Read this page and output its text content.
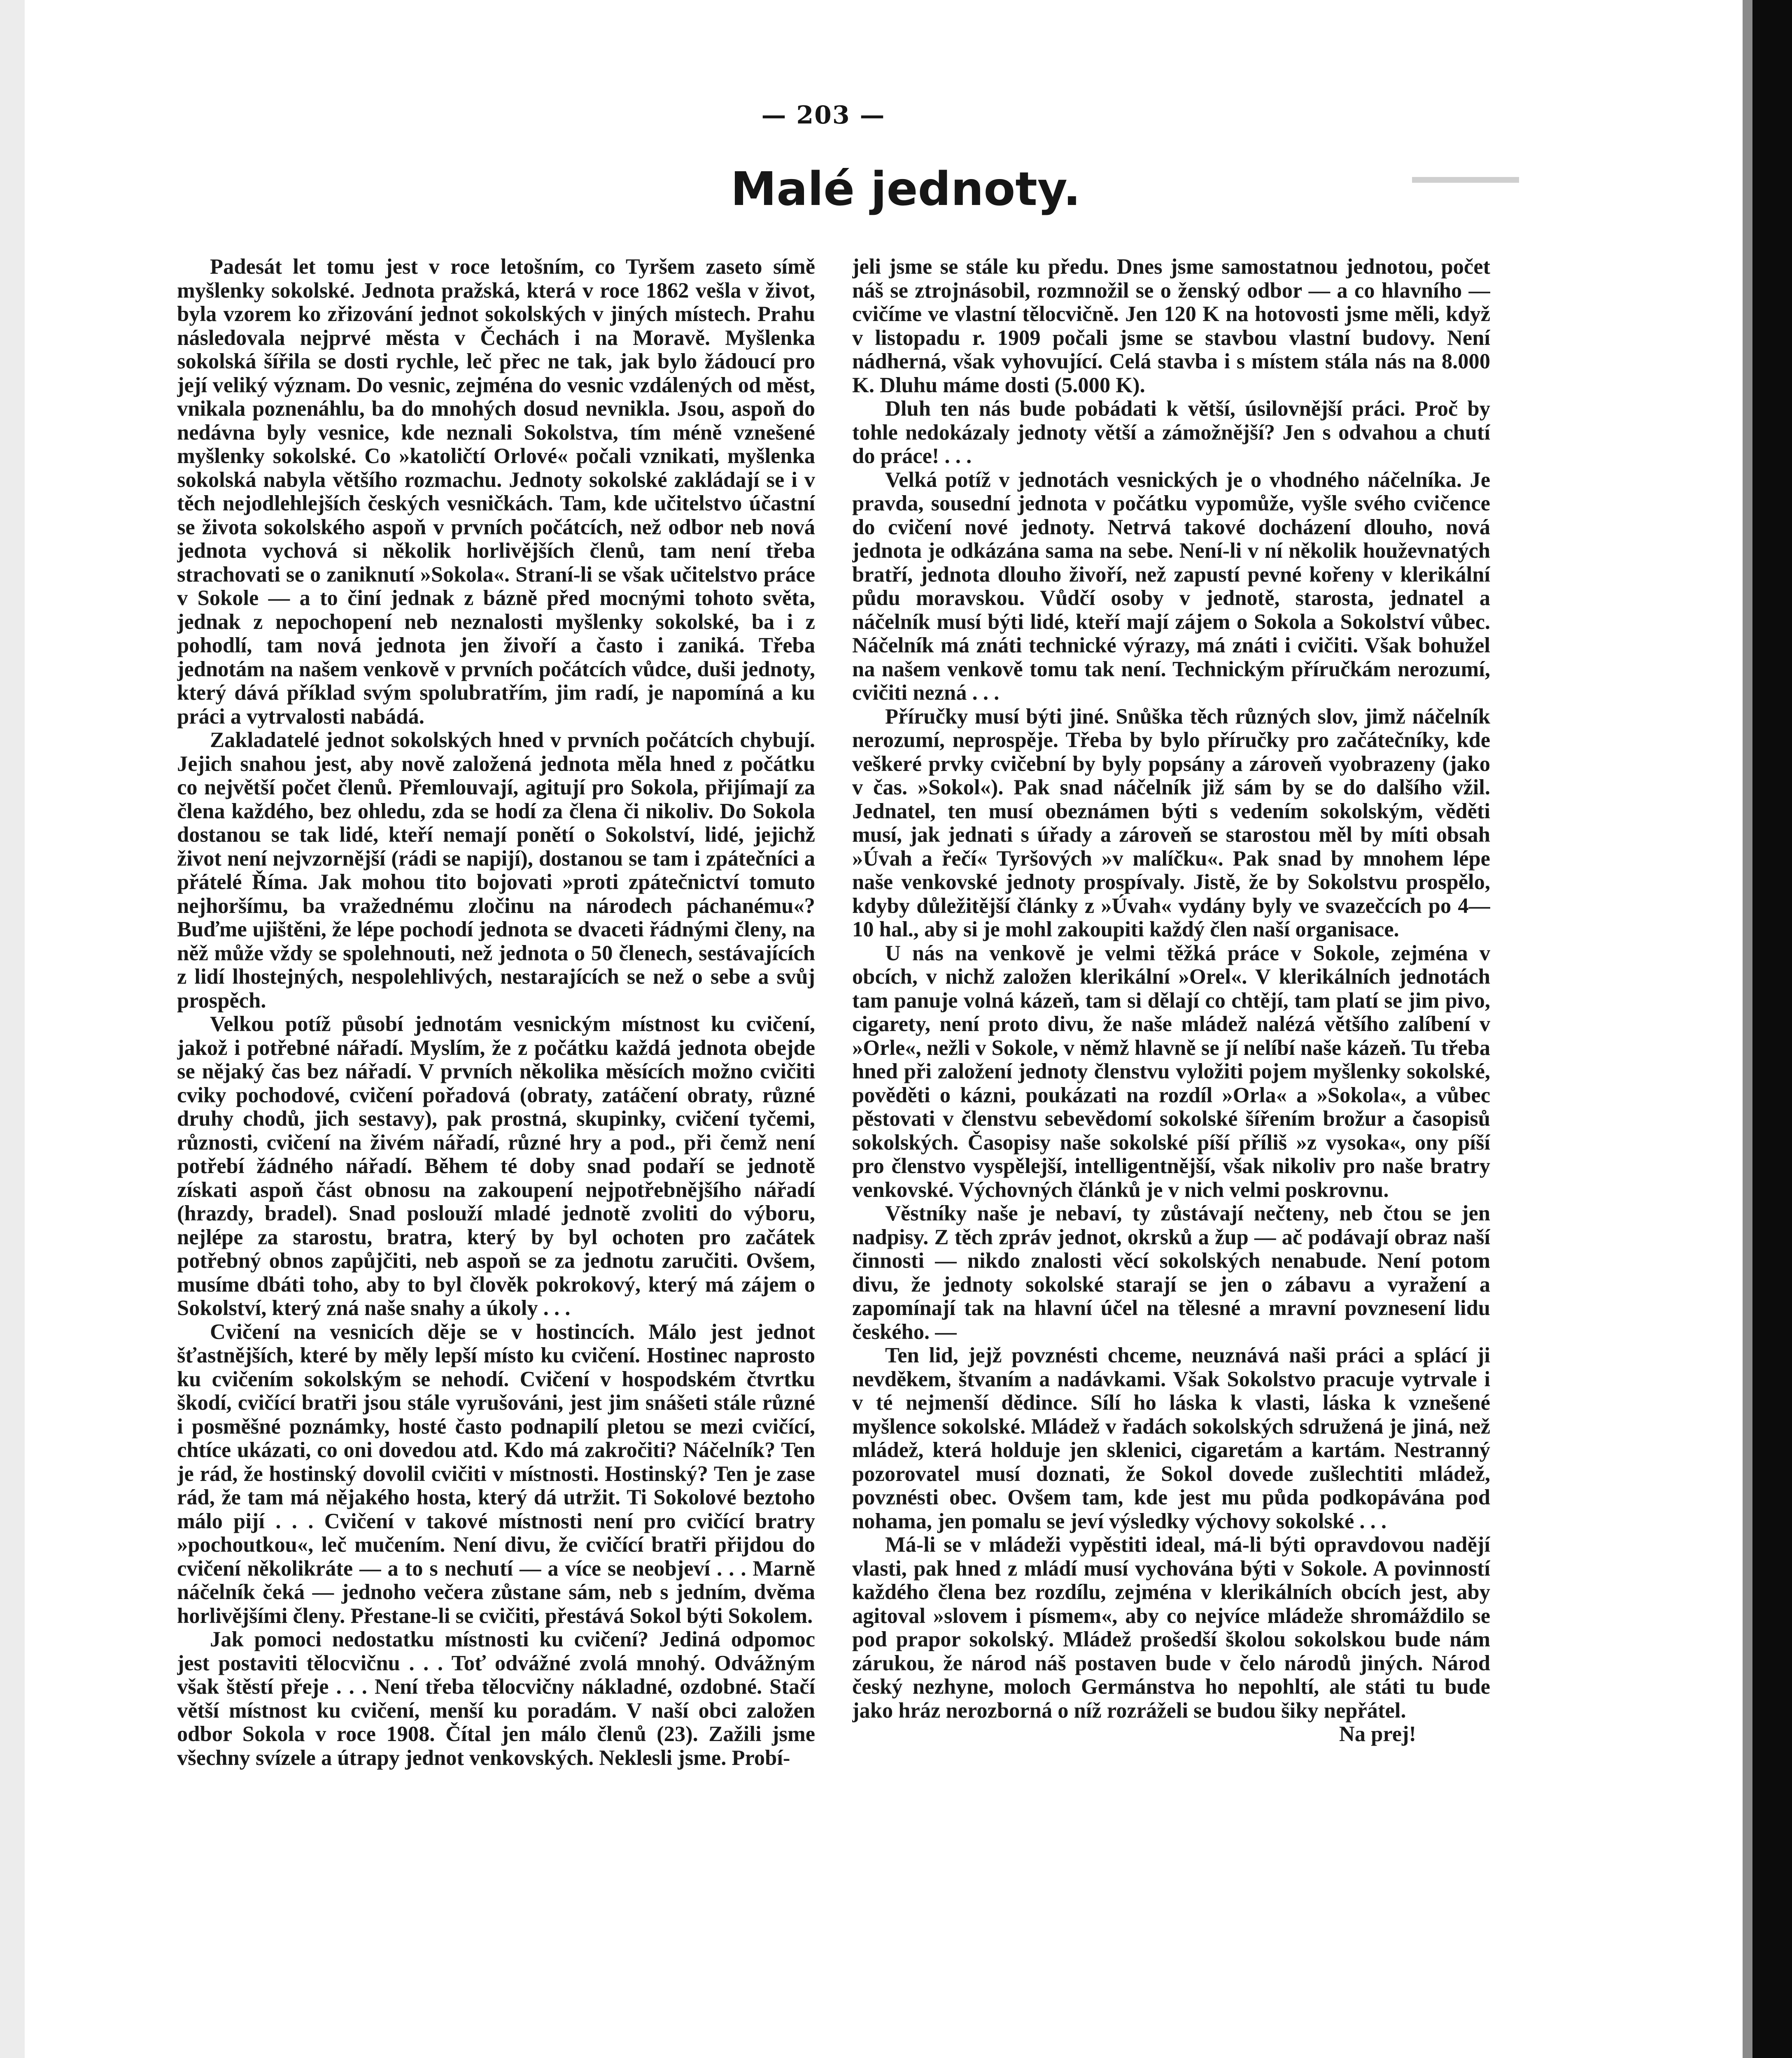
— 203 —
Malé jednoty.

Padesát let tomu jest v roce letošním, co Tyršem zaseto símě myšlenky sokolské. Jednota pražská, která v roce 1862 vešla v život, byla vzorem ko zřizování jednot sokolských v jiných místech. Prahu následovala nejprvé města v Čechách i na Moravě. Myšlenka sokolská šířila se dosti rychle, leč přec ne tak, jak bylo žádoucí pro její veliký význam. Do vesnic, zejména do vesnic vzdálených od měst, vnikala poznenáhlu, ba do mnohých dosud nevnikla. Jsou, aspoň do nedávna byly vesnice, kde neznali Sokolstva, tím méně vznešené myšlenky sokolské. Co »katoličtí Orlové« počali vznikati, myšlenka sokolská nabyla většího rozmachu. Jednoty sokolské zakládají se i v těch nejodlehlejších českých vesničkách. Tam, kde učitelstvo účastní se života sokolského aspoň v prvních počátcích, než odbor neb nová jednota vychová si několik horlivějších členů, tam není třeba strachovati se o zaniknutí »Sokola«. Straní-li se však učitelstvo práce v Sokole — a to činí jednak z bázně před mocnými tohoto světa, jednak z nepochopení neb neznalosti myšlenky sokolské, ba i z pohodlí, tam nová jednota jen živoří a často i zaniká. Třeba jednotám na našem venkově v prvních počátcích vůdce, duši jednoty, který dává příklad svým spolubratřím, jim radí, je napomíná a ku práci a vytrvalosti nabádá.

Zakladatelé jednot sokolských hned v prvních počátcích chybují. Jejich snahou jest, aby nově založená jednota měla hned z počátku co největší počet členů. Přemlouvají, agitují pro Sokola, přijímají za člena každého, bez ohledu, zda se hodí za člena či nikoliv. Do Sokola dostanou se tak lidé, kteří nemají ponětí o Sokolství, lidé, jejichž život není nejvzornější (rádi se napijí), dostanou se tam i zpátečníci a přátelé Říma. Jak mohou tito bojovati »proti zpátečnictví tomuto nejhoršímu, ba vražednému zločinu na národech páchanému«? Buďme ujištěni, že lépe pochodí jednota se dvaceti řádnými členy, na něž může vždy se spolehnouti, než jednota o 50 členech, sestávajících z lidí lhostejných, nespolehlivých, nestarajících se než o sebe a svůj prospěch.

Velkou potíž působí jednotám vesnickým místnost ku cvičení, jakož i potřebné nářadí. Myslím, že z počátku každá jednota obejde se nějaký čas bez nářadí. V prvních několika měsících možno cvičiti cviky pochodové, cvičení pořadová (obraty, zatáčení obraty, různé druhy chodů, jich sestavy), pak prostná, skupinky, cvičení tyčemi, různosti, cvičení na živém nářadí, různé hry a pod., při čemž není potřebí žádného nářadí. Během té doby snad podaří se jednotě získati aspoň část obnosu na zakoupení nejpotřebnějšího nářadí (hrazdy, bradel). Snad poslouží mladé jednotě zvoliti do výboru, nejlépe za starostu, bratra, který by byl ochoten pro začátek potřebný obnos zapůjčiti, neb aspoň se za jednotu zaručiti. Ovšem, musíme dbáti toho, aby to byl člověk pokrokový, který má zájem o Sokolství, který zná naše snahy a úkoly . . .

Cvičení na vesnicích děje se v hostincích. Málo jest jednot šťastnějších, které by měly lepší místo ku cvičení. Hostinec naprosto ku cvičením sokolským se nehodí. Cvičení v hospodském čtvrtku škodí, cvičící bratři jsou stále vyrušováni, jest jim snášeti stále různé i posměšné poznámky, hosté často podnapilí pletou se mezi cvičící, chtíce ukázati, co oni dovedou atd. Kdo má zakročiti? Náčelník? Ten je rád, že hostinský dovolil cvičiti v místnosti. Hostinský? Ten je zase rád, že tam má nějakého hosta, který dá utržit. Ti Sokolové beztoho málo pijí . . . Cvičení v takové místnosti není pro cvičící bratry »pochoutkou«, leč mučením. Není divu, že cvičící bratři přijdou do cvičení několikráte — a to s nechutí — a více se neobjeví . . . Marně náčelník čeká — jednoho večera zůstane sám, neb s jedním, dvěma horlivějšími členy. Přestane-li se cvičiti, přestává Sokol býti Sokolem.

Jak pomoci nedostatku místnosti ku cvičení? Jediná odpomoc jest postaviti tělocvičnu . . . Toť odvážné zvolá mnohý. Odvážným však štěstí přeje . . . Není třeba tělocvičny nákladné, ozdobné. Stačí větší místnost ku cvičení, menší ku poradám. V naší obci založen odbor Sokola v roce 1908. Čítal jen málo členů (23). Zažili jsme všechny svízele a útrapy jednot venkovských. Neklesli jsme. Probí-

jeli jsme se stále ku předu. Dnes jsme samostatnou jednotou, počet náš se ztrojnásobil, rozmnožil se o ženský odbor — a co hlavního — cvičíme ve vlastní tělocvičně. Jen 120 K na hotovosti jsme měli, když v listopadu r. 1909 počali jsme se stavbou vlastní budovy. Není nádherná, však vyhovující. Celá stavba i s místem stála nás na 8.000 K. Dluhu máme dosti (5.000 K).

Dluh ten nás bude pobádati k větší, úsilovnější práci. Proč by tohle nedokázaly jednoty větší a zámožnější? Jen s odvahou a chutí do práce! . . .

Velká potíž v jednotách vesnických je o vhodného náčelníka. Je pravda, sousední jednota v počátku vypomůže, vyšle svého cvičence do cvičení nové jednoty. Netrvá takové docházení dlouho, nová jednota je odkázána sama na sebe. Není-li v ní několik houževnatých bratří, jednota dlouho živoří, než zapustí pevné kořeny v klerikální půdu moravskou. Vůdčí osoby v jednotě, starosta, jednatel a náčelník musí býti lidé, kteří mají zájem o Sokola a Sokolství vůbec. Náčelník má znáti technické výrazy, má znáti i cvičiti. Však bohužel na našem venkově tomu tak není. Technickým příručkám nerozumí, cvičiti nezná . . .

Příručky musí býti jiné. Snůška těch různých slov, jimž náčelník nerozumí, neprospěje. Třeba by bylo příručky pro začátečníky, kde veškeré prvky cvičební by byly popsány a zároveň vyobrazeny (jako v čas. »Sokol«). Pak snad náčelník již sám by se do dalšího vžil. Jednatel, ten musí obeznámen býti s vedením sokolským, věděti musí, jak jednati s úřady a zároveň se starostou měl by míti obsah »Úvah a řečí« Tyršových »v malíčku«. Pak snad by mnohem lépe naše venkovské jednoty prospívaly. Jistě, že by Sokolstvu prospělo, kdyby důležitější články z »Úvah« vydány byly ve svazečcích po 4—10 hal., aby si je mohl zakoupiti každý člen naší organisace.

U nás na venkově je velmi těžká práce v Sokole, zejména v obcích, v nichž založen klerikální »Orel«. V klerikálních jednotách tam panuje volná kázeň, tam si dělají co chtějí, tam platí se jim pivo, cigarety, není proto divu, že naše mládež nalézá většího zalíbení v »Orle«, nežli v Sokole, v němž hlavně se jí nelíbí naše kázeň. Tu třeba hned při založení jednoty členstvu vyložiti pojem myšlenky sokolské, pověděti o kázni, poukázati na rozdíl »Orla« a »Sokola«, a vůbec pěstovati v členstvu sebevědomí sokolské šířením brožur a časopisů sokolských. Časopisy naše sokolské píší příliš »z vysoka«, ony píší pro členstvo vyspělejší, intelligentnější, však nikoliv pro naše bratry venkovské. Výchovných článků je v nich velmi poskrovnu.

Věstníky naše je nebaví, ty zůstávají nečteny, neb čtou se jen nadpisy. Z těch zpráv jednot, okrsků a žup — ač podávají obraz naší činnosti — nikdo znalosti věcí sokolských nenabude. Není potom divu, že jednoty sokolské starají se jen o zábavu a vyražení a zapomínají tak na hlavní účel na tělesné a mravní povznesení lidu českého. —

Ten lid, jejž povznésti chceme, neuznává naši práci a splácí ji nevděkem, štvaním a nadávkami. Však Sokolstvo pracuje vytrvale i v té nejmenší dědince. Sílí ho láska k vlasti, láska k vznešené myšlence sokolské. Mládež v řadách sokolských sdružená je jiná, než mládež, která holduje jen sklenici, cigaretám a kartám. Nestranný pozorovatel musí doznati, že Sokol dovede zušlechtiti mládež, povznésti obec. Ovšem tam, kde jest mu půda podkopávána pod nohama, jen pomalu se jeví výsledky výchovy sokolské . . .

Má-li se v mládeži vypěstiti ideal, má-li býti opravdovou nadějí vlasti, pak hned z mládí musí vychována býti v Sokole. A povinností každého člena bez rozdílu, zejména v klerikálních obcích jest, aby agitoval »slovem i písmem«, aby co nejvíce mládeže shromáždilo se pod prapor sokolský. Mládež prošedší školou sokolskou bude nám zárukou, že národ náš postaven bude v čelo národů jiných. Národ český nezhyne, moloch Germánstva ho nepohltí, ale státi tu bude jako hráz nerozborná o níž rozráželi se budou šiky nepřátel.

Na prej!
